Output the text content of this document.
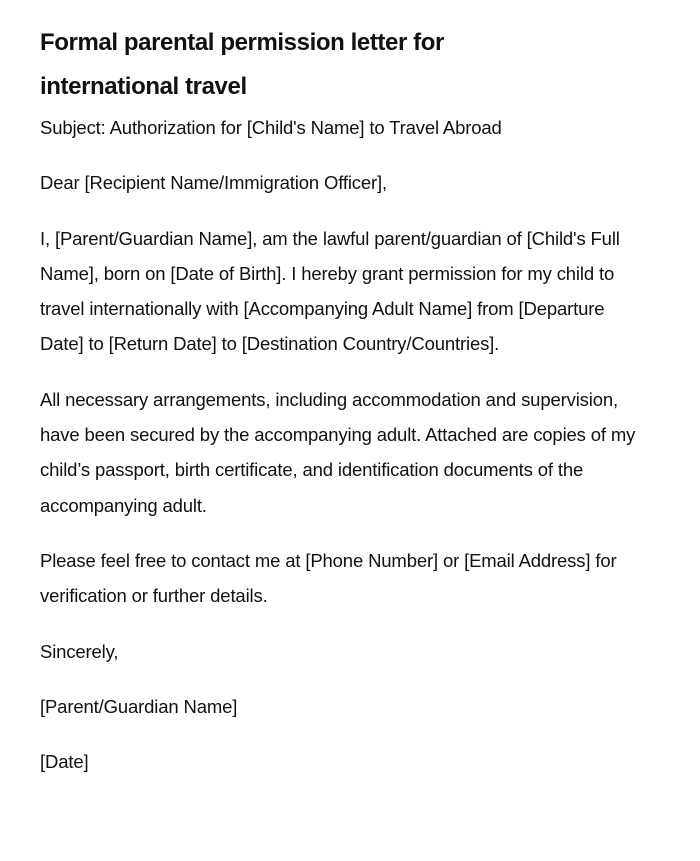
Formal parental permission letter for international travel

Subject: Authorization for [Child's Name] to Travel Abroad

Dear [Recipient Name/Immigration Officer],

I, [Parent/Guardian Name], am the lawful parent/guardian of [Child's Full Name], born on [Date of Birth]. I hereby grant permission for my child to travel internationally with [Accompanying Adult Name] from [Departure Date] to [Return Date] to [Destination Country/Countries].

All necessary arrangements, including accommodation and supervision, have been secured by the accompanying adult. Attached are copies of my child’s passport, birth certificate, and identification documents of the accompanying adult.

Please feel free to contact me at [Phone Number] or [Email Address] for verification or further details.

Sincerely,

[Parent/Guardian Name]

[Date]
